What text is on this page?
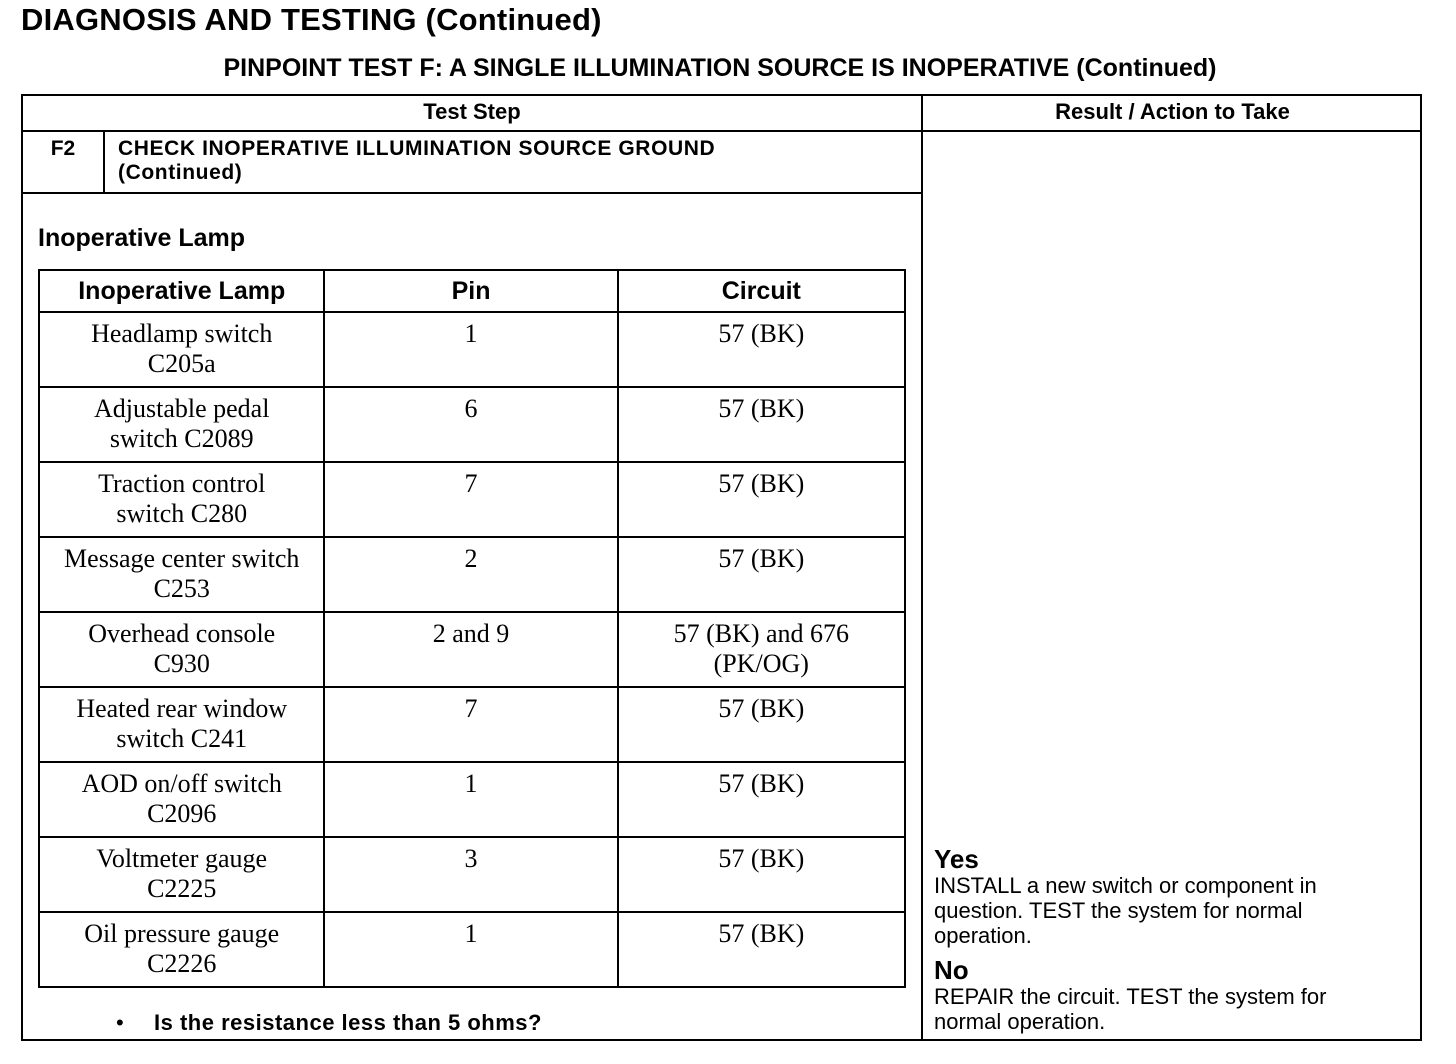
DIAGNOSIS AND TESTING (Continued)
PINPOINT TEST F: A SINGLE ILLUMINATION SOURCE IS INOPERATIVE (Continued)
Test Step	Result / Action to Take
F2	CHECK INOPERATIVE ILLUMINATION SOURCE GROUND
(Continued)
Inoperative Lamp
Inoperative Lamp	Pin	Circuit

Headlamp switch
C205a	1	57 (BK)

Adjustable pedal
switch C2089	6	57 (BK)

Traction control
switch C280	7	57 (BK)

Message center switch
C253	2	57 (BK)

Overhead console
C930	2 and 9	57 (BK) and 676
(PK/OG)

Heated rear window
switch C241	7	57 (BK)

AOD on/off switch
C2096	1	57 (BK)

Voltmeter gauge
C2225	3	57 (BK)

Oil pressure gauge
C2226	1	57 (BK)
• Is the resistance less than 5 ohms?
Yes
INSTALL a new switch or component in
question. TEST the system for normal
operation.
No
REPAIR the circuit. TEST the system for
normal operation.
